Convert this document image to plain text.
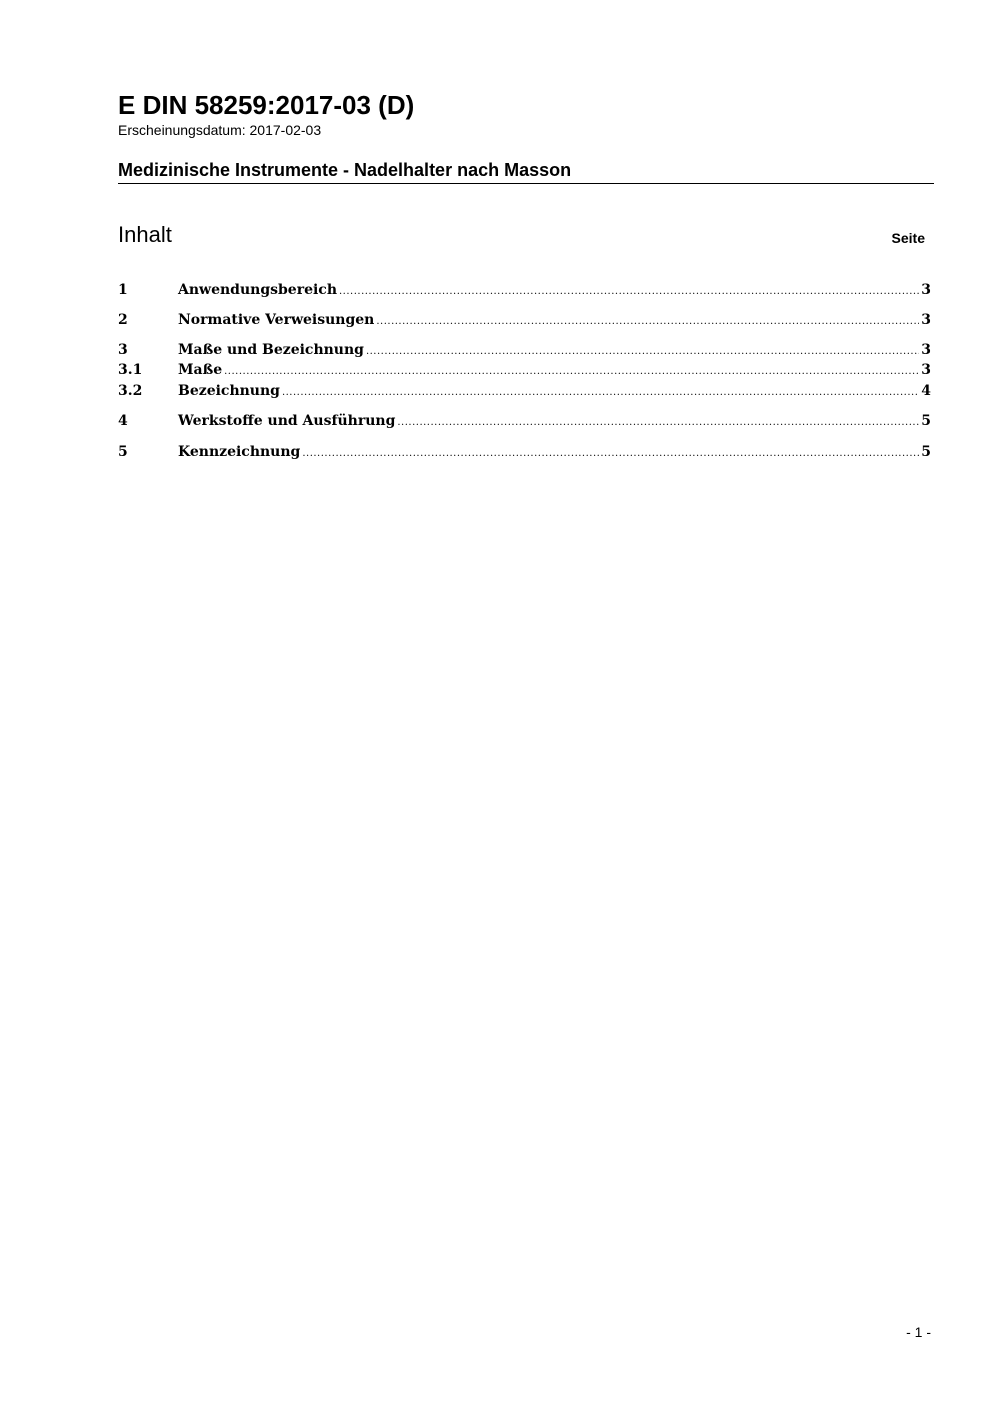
E DIN 58259:2017-03 (D)
Erscheinungsdatum: 2017-02-03
Medizinische Instrumente - Nadelhalter nach Masson
Inhalt	Seite
1	Anwendungsbereich .....	3
2	Normative Verweisungen .....	3
3	Maße und Bezeichnung .....	3
3.1	Maße .....	3
3.2	Bezeichnung .....	4
4	Werkstoffe und Ausführung .....	5
5	Kennzeichnung .....	5
- 1 -
